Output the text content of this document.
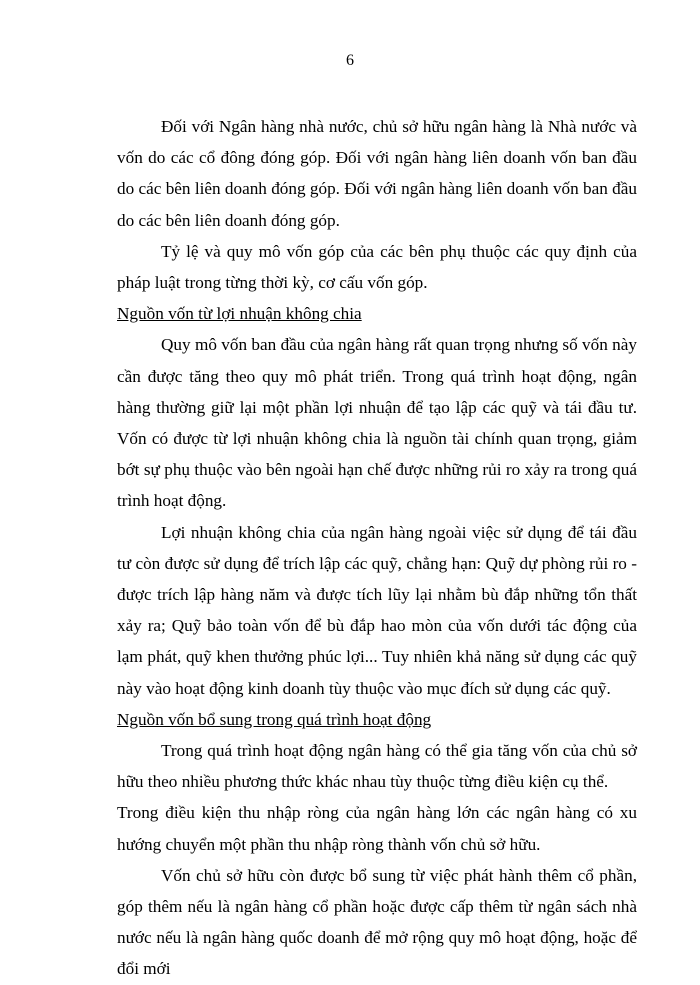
6

Đối với Ngân hàng nhà nước, chủ sở hữu ngân hàng là Nhà nước và vốn do các cổ đông đóng góp. Đối với ngân hàng liên doanh vốn ban đầu do các bên liên doanh đóng góp. Đối với ngân hàng liên doanh vốn ban đầu do các bên liên doanh đóng góp.

Tỷ lệ và quy mô vốn góp của các bên phụ thuộc các quy định của pháp luật trong từng thời kỳ, cơ cấu vốn góp.

Nguồn vốn từ lợi nhuận không chia

Quy mô vốn ban đầu của ngân hàng rất quan trọng nhưng số vốn này cần được tăng theo quy mô phát triển. Trong quá trình hoạt động, ngân hàng thường giữ lại một phần lợi nhuận để tạo lập các quỹ và tái đầu tư. Vốn có được từ lợi nhuận không chia là nguồn tài chính quan trọng, giảm bớt sự phụ thuộc vào bên ngoài hạn chế được những rủi ro xảy ra trong quá trình hoạt động.

Lợi nhuận không chia của ngân hàng ngoài việc sử dụng để tái đầu tư còn được sử dụng để trích lập các quỹ, chẳng hạn: Quỹ dự phòng rủi ro - được trích lập hàng năm và được tích lũy lại nhằm bù đắp những tổn thất xảy ra; Quỹ bảo toàn vốn để bù đắp hao mòn của vốn dưới tác động của lạm phát, quỹ khen thưởng phúc lợi... Tuy nhiên khả năng sử dụng các quỹ này vào hoạt động kinh doanh tùy thuộc vào mục đích sử dụng các quỹ.

Nguồn vốn bổ sung trong quá trình hoạt động

Trong quá trình hoạt động ngân hàng có thể gia tăng vốn của chủ sở hữu theo nhiều phương thức khác nhau tùy thuộc từng điều kiện cụ thể.

Trong điều kiện thu nhập ròng của ngân hàng lớn các ngân hàng có xu hướng chuyển một phần thu nhập ròng thành vốn chủ sở hữu.

Vốn chủ sở hữu còn được bổ sung từ việc phát hành thêm cổ phần, góp thêm nếu là ngân hàng cổ phần hoặc được cấp thêm từ ngân sách nhà nước nếu là ngân hàng quốc doanh để mở rộng quy mô hoạt động, hoặc để đổi mới
